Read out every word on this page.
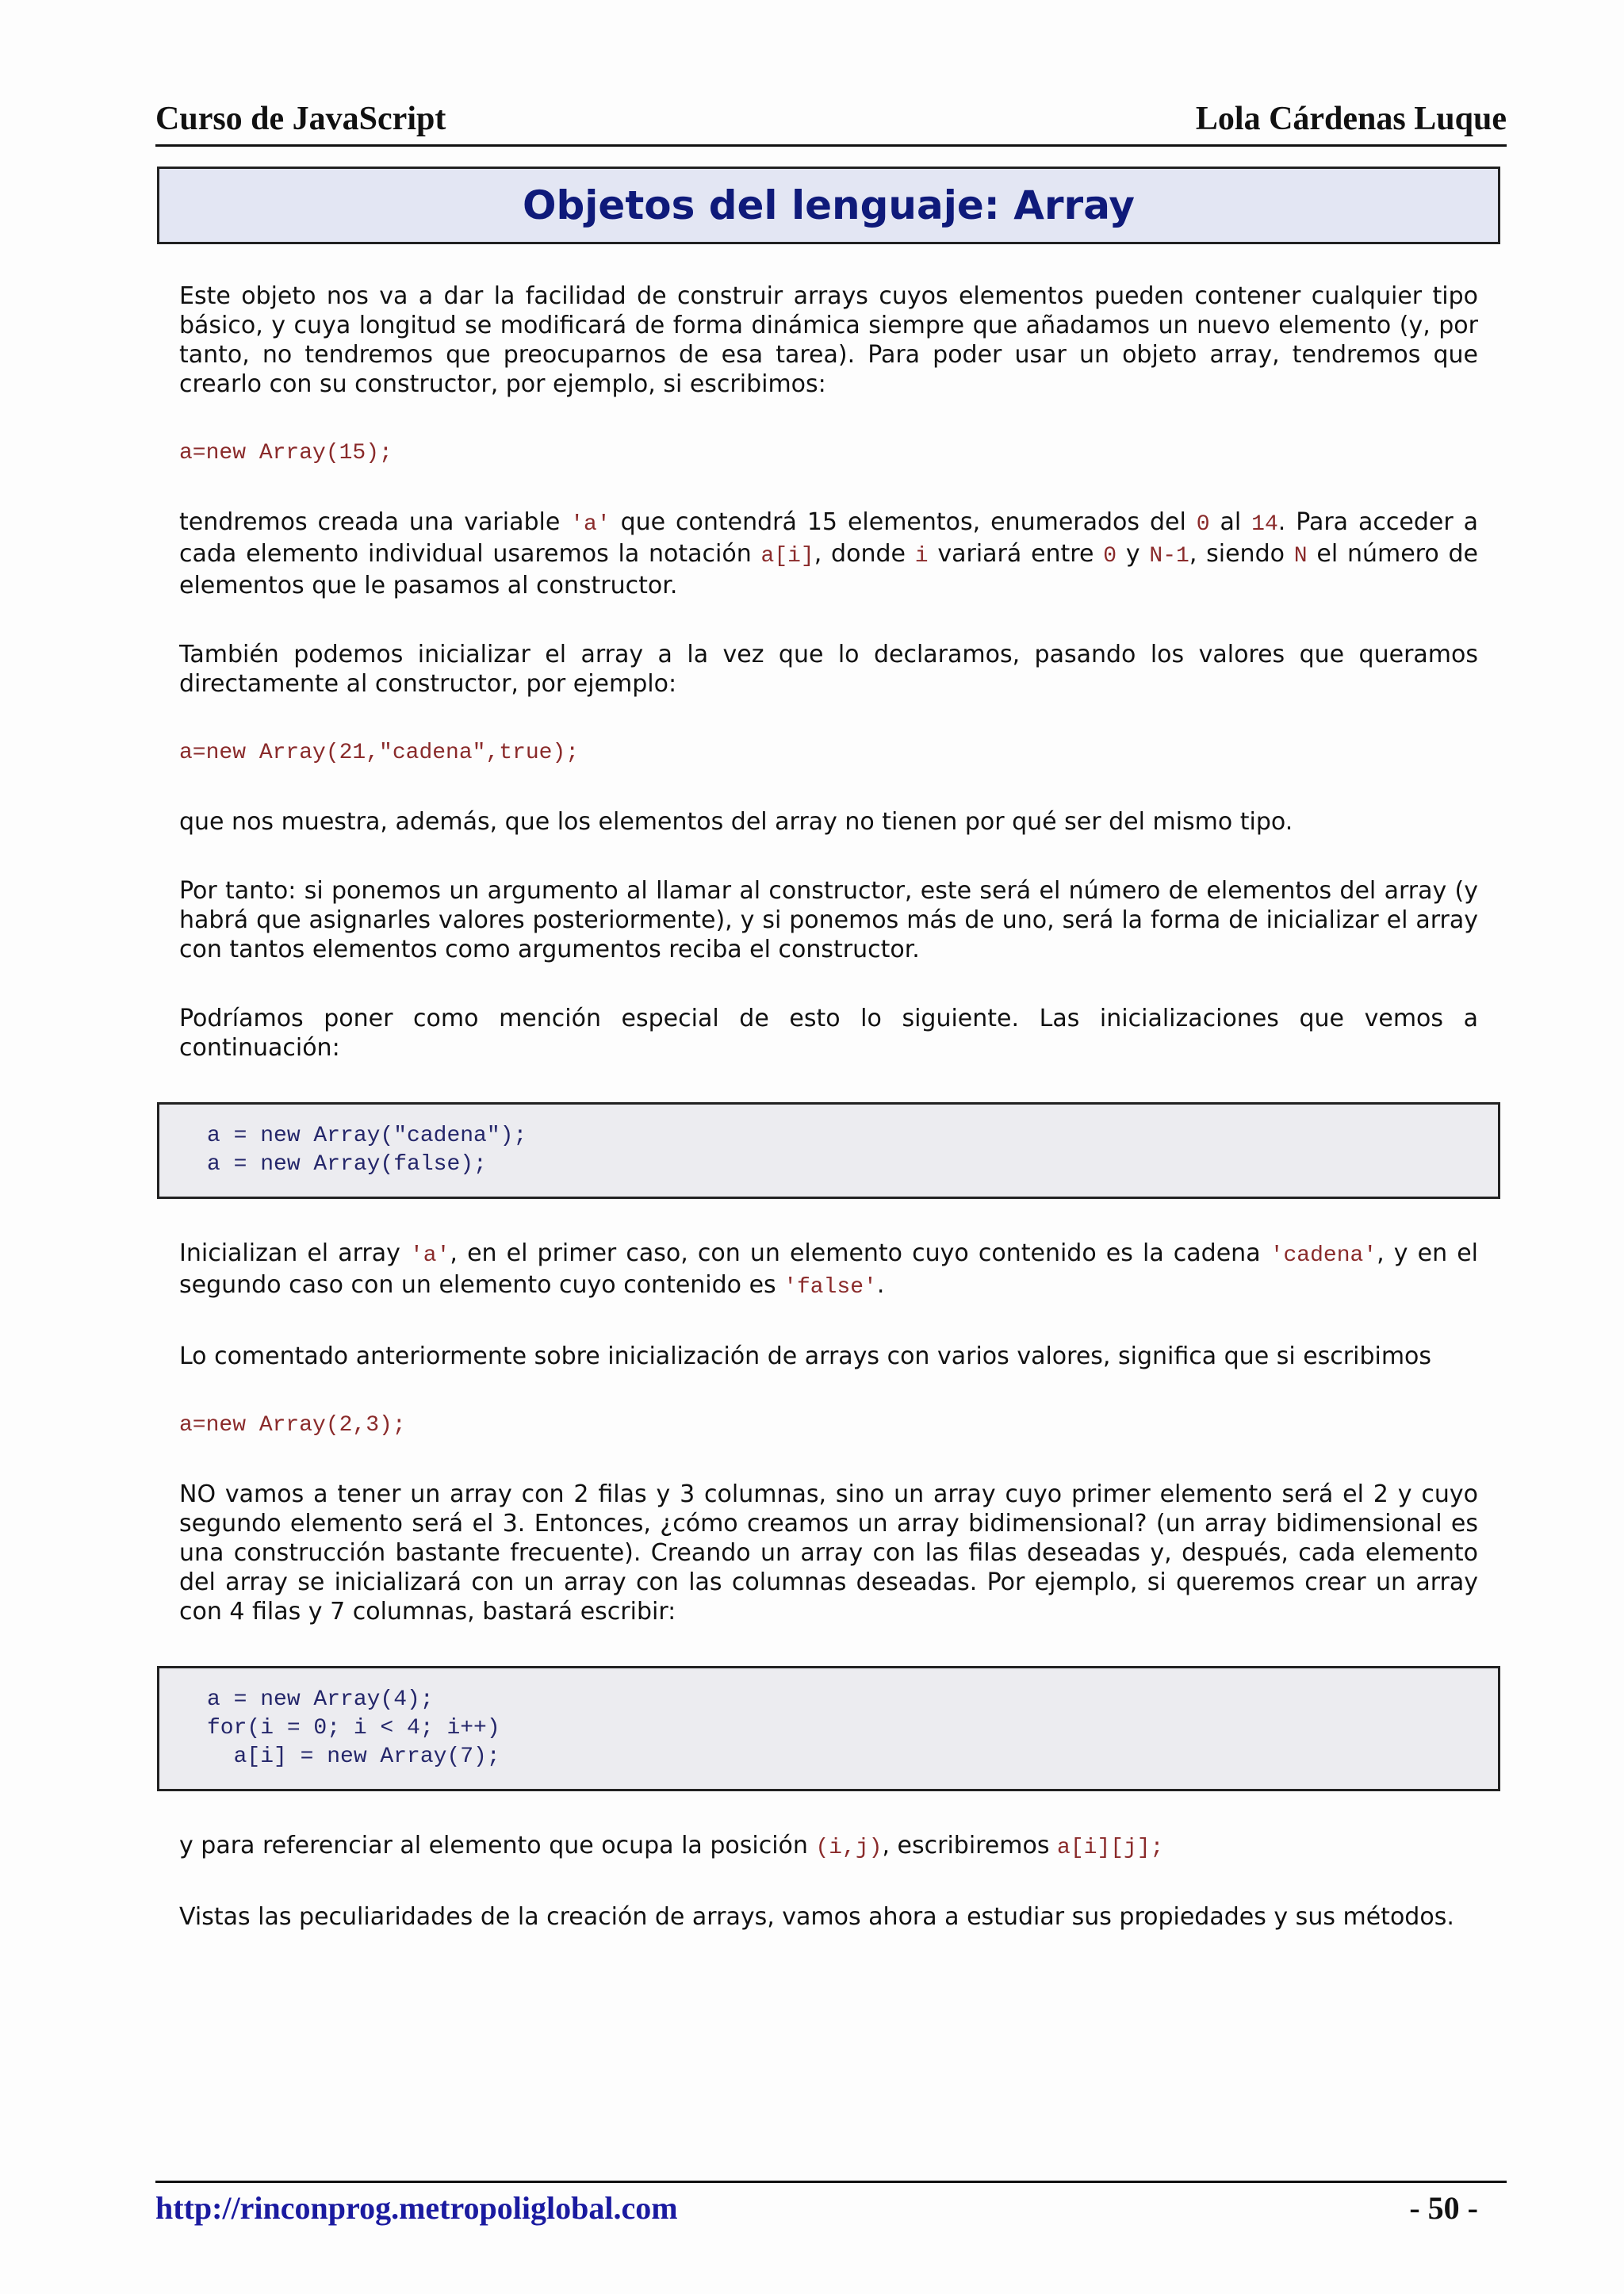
Curso de JavaScript	Lola Cárdenas Luque
Objetos del lenguaje: Array

Este objeto nos va a dar la facilidad de construir arrays cuyos elementos pueden contener cualquier tipo básico, y cuya longitud se modificará de forma dinámica siempre que añadamos un nuevo elemento (y, por tanto, no tendremos que preocuparnos de esa tarea). Para poder usar un objeto array, tendremos que crearlo con su constructor, por ejemplo, si escribimos:

a=new Array(15);

tendremos creada una variable 'a' que contendrá 15 elementos, enumerados del 0 al 14. Para acceder a cada elemento individual usaremos la notación a[i], donde i variará entre 0 y N-1, siendo N el número de elementos que le pasamos al constructor.

También podemos inicializar el array a la vez que lo declaramos, pasando los valores que queramos directamente al constructor, por ejemplo:

a=new Array(21,"cadena",true);

que nos muestra, además, que los elementos del array no tienen por qué ser del mismo tipo.

Por tanto: si ponemos un argumento al llamar al constructor, este será el número de elementos del array (y habrá que asignarles valores posteriormente), y si ponemos más de uno, será la forma de inicializar el array con tantos elementos como argumentos reciba el constructor.

Podríamos poner como mención especial de esto lo siguiente. Las inicializaciones que vemos a continuación:

a = new Array("cadena");
a = new Array(false);

Inicializan el array 'a', en el primer caso, con un elemento cuyo contenido es la cadena 'cadena', y en el segundo caso con un elemento cuyo contenido es 'false'.

Lo comentado anteriormente sobre inicialización de arrays con varios valores, significa que si escribimos

a=new Array(2,3);

NO vamos a tener un array con 2 filas y 3 columnas, sino un array cuyo primer elemento será el 2 y cuyo segundo elemento será el 3. Entonces, ¿cómo creamos un array bidimensional? (un array bidimensional es una construcción bastante frecuente). Creando un array con las filas deseadas y, después, cada elemento del array se inicializará con un array con las columnas deseadas. Por ejemplo, si queremos crear un array con 4 filas y 7 columnas, bastará escribir:

a = new Array(4);
for(i = 0; i < 4; i++)
a[i] = new Array(7);

y para referenciar al elemento que ocupa la posición (i,j), escribiremos a[i][j];

Vistas las peculiaridades de la creación de arrays, vamos ahora a estudiar sus propiedades y sus métodos.

http://rinconprog.metropoliglobal.com	- 50 -
